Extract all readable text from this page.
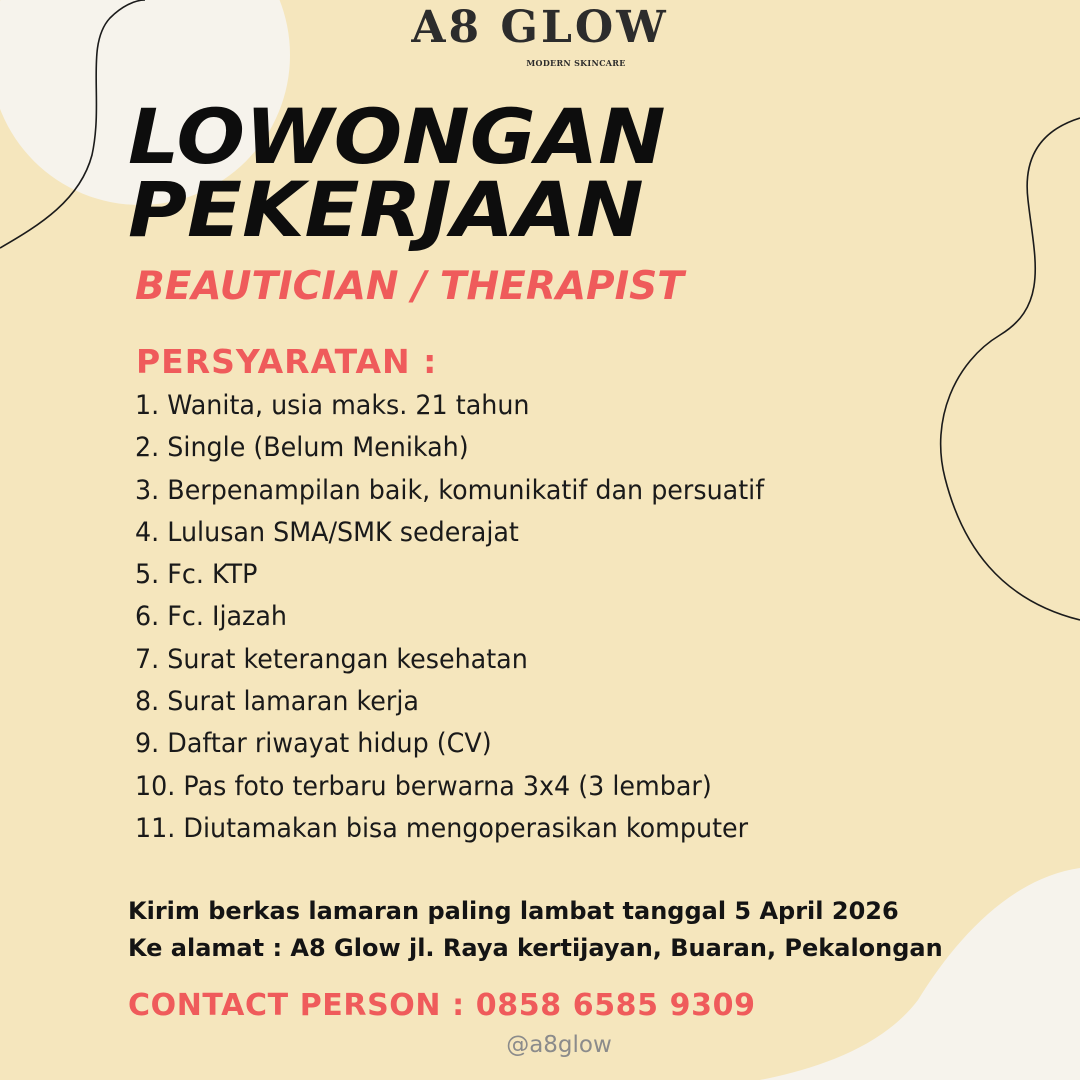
A8 GLOW
MODERN SKINCARE
LOWONGAN
PEKERJAAN
BEAUTICIAN / THERAPIST
PERSYARATAN :
1. Wanita, usia maks. 21 tahun
2. Single (Belum Menikah)
3. Berpenampilan baik, komunikatif dan persuatif
4. Lulusan SMA/SMK sederajat
5. Fc. KTP
6. Fc. Ijazah
7. Surat keterangan kesehatan
8. Surat lamaran kerja
9. Daftar riwayat hidup (CV)
10. Pas foto terbaru berwarna 3x4 (3 lembar)
11. Diutamakan bisa mengoperasikan komputer
Kirim berkas lamaran paling lambat tanggal 5 April 2026
Ke alamat : A8 Glow jl. Raya kertijayan, Buaran, Pekalongan
CONTACT PERSON : 0858 6585 9309
@a8glow
